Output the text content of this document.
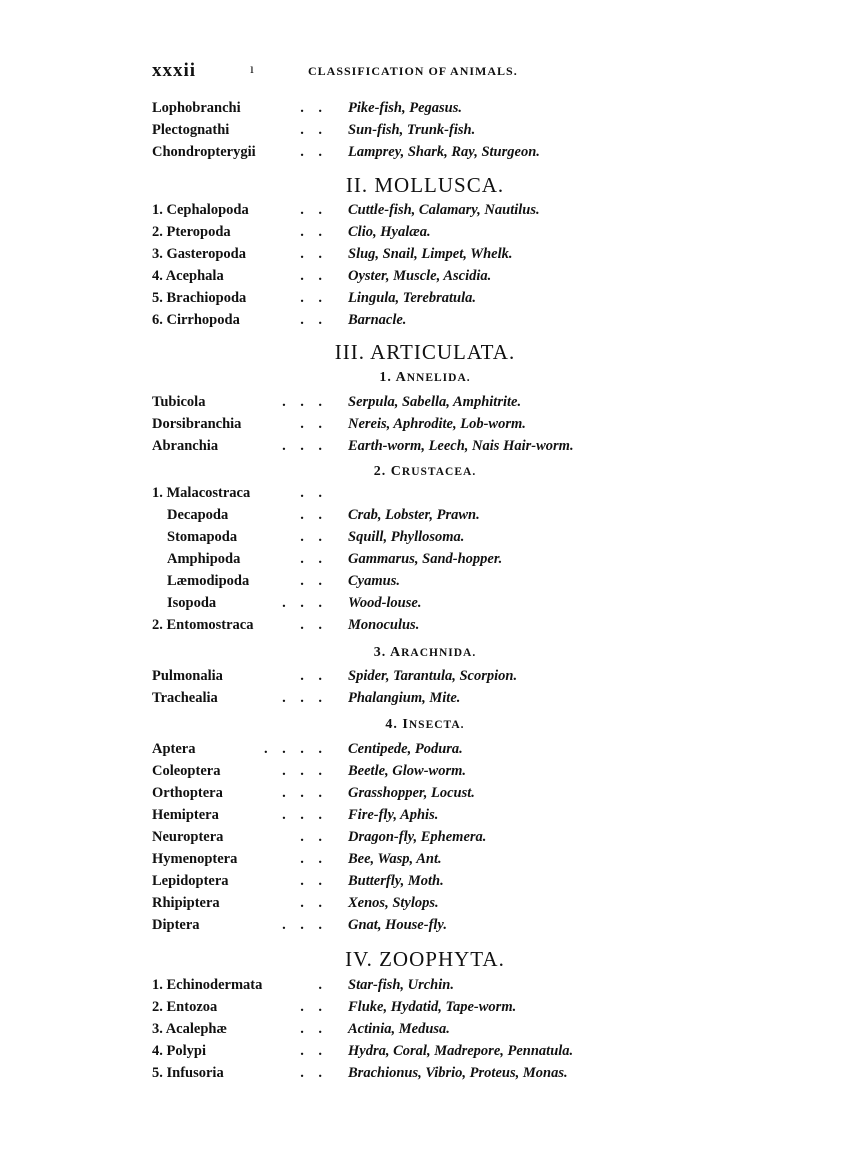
xxxii	ı	CLASSIFICATION OF ANIMALS.
Lophobranchi	.    . Pike-fish, Pegasus.
Plectognathi	.    . Sun-fish, Trunk-fish.
Chondropterygii	.    . Lamprey, Shark, Ray, Sturgeon.
II. MOLLUSCA.
1. Cephalopoda	.    . Cuttle-fish, Calamary, Nautilus.
2. Pteropoda	.    . Clio, Hyalæa.
3. Gasteropoda	.    . Slug, Snail, Limpet, Whelk.
4. Acephala	.    . Oyster, Muscle, Ascidia.
5. Brachiopoda	.    . Lingula, Terebratula.
6. Cirrhopoda	.    . Barnacle.
III. ARTICULATA.
1. ANNELIDA.
Tubicola	.    .    . Serpula, Sabella, Amphitrite.
Dorsibranchia	.    . Nereis, Aphrodite, Lob-worm.
Abranchia	.    .    . Earth-worm, Leech, Nais Hair-worm.
2. CRUSTACEA.
1. Malacostraca	.    .
Decapoda	.    . Crab, Lobster, Prawn.
Stomapoda	.    . Squill, Phyllosoma.
Amphipoda	.    . Gammarus, Sand-hopper.
Læmodipoda	.    . Cyamus.
Isopoda	.    .    . Wood-louse.
2. Entomostraca	.    . Monoculus.
3. ARACHNIDA.
Pulmonalia	.    . Spider, Tarantula, Scorpion.
Trachealia	.    .    . Phalangium, Mite.
4. INSECTA.
Aptera	.    .    .    . Centipede, Podura.
Coleoptera	.    .    . Beetle, Glow-worm.
Orthoptera	.    .    . Grasshopper, Locust.
Hemiptera	.    .    . Fire-fly, Aphis.
Neuroptera	.    . Dragon-fly, Ephemera.
Hymenoptera	.    . Bee, Wasp, Ant.
Lepidoptera	.    . Butterfly, Moth.
Rhipiptera	.    . Xenos, Stylops.
Diptera	.    .    . Gnat, House-fly.
IV. ZOOPHYTA.
1. Echinodermata	. Star-fish, Urchin.
2. Entozoa	.    . Fluke, Hydatid, Tape-worm.
3. Acalephæ	.    . Actinia, Medusa.
4. Polypi	.    . Hydra, Coral, Madrepore, Pennatula.
5. Infusoria	.    . Brachionus, Vibrio, Proteus, Monas.
